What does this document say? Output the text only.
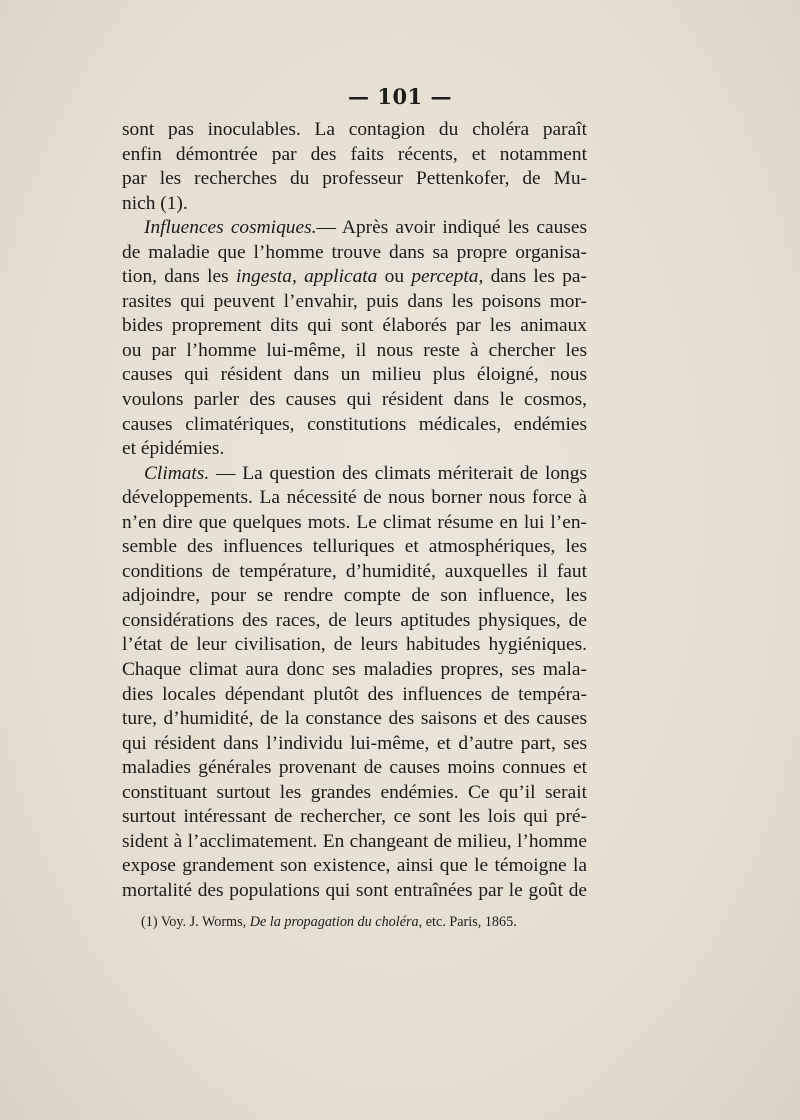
— 101 —
sont pas inoculables. La contagion du choléra paraît
enfin démontrée par des faits récents, et notamment
par les recherches du professeur Pettenkofer, de Mu-
nich (1).
Influences cosmiques.— Après avoir indiqué les causes
de maladie que l’homme trouve dans sa propre organisa-
tion, dans les ingesta, applicata ou percepta, dans les pa-
rasites qui peuvent l’envahir, puis dans les poisons mor-
bides proprement dits qui sont élaborés par les animaux
ou par l’homme lui-même, il nous reste à chercher les
causes qui résident dans un milieu plus éloigné, nous
voulons parler des causes qui résident dans le cosmos,
causes climatériques, constitutions médicales, endémies
et épidémies.
Climats. — La question des climats mériterait de longs
développements. La nécessité de nous borner nous force à
n’en dire que quelques mots. Le climat résume en lui l’en-
semble des influences telluriques et atmosphériques, les
conditions de température, d’humidité, auxquelles il faut
adjoindre, pour se rendre compte de son influence, les
considérations des races, de leurs aptitudes physiques, de
l’état de leur civilisation, de leurs habitudes hygiéniques.
Chaque climat aura donc ses maladies propres, ses mala-
dies locales dépendant plutôt des influences de tempéra-
ture, d’humidité, de la constance des saisons et des causes
qui résident dans l’individu lui-même, et d’autre part, ses
maladies générales provenant de causes moins connues et
constituant surtout les grandes endémies. Ce qu’il serait
surtout intéressant de rechercher, ce sont les lois qui pré-
sident à l’acclimatement. En changeant de milieu, l’homme
expose grandement son existence, ainsi que le témoigne la
mortalité des populations qui sont entraînées par le goût de
(1) Voy. J. Worms, De la propagation du choléra, etc. Paris, 1865.
